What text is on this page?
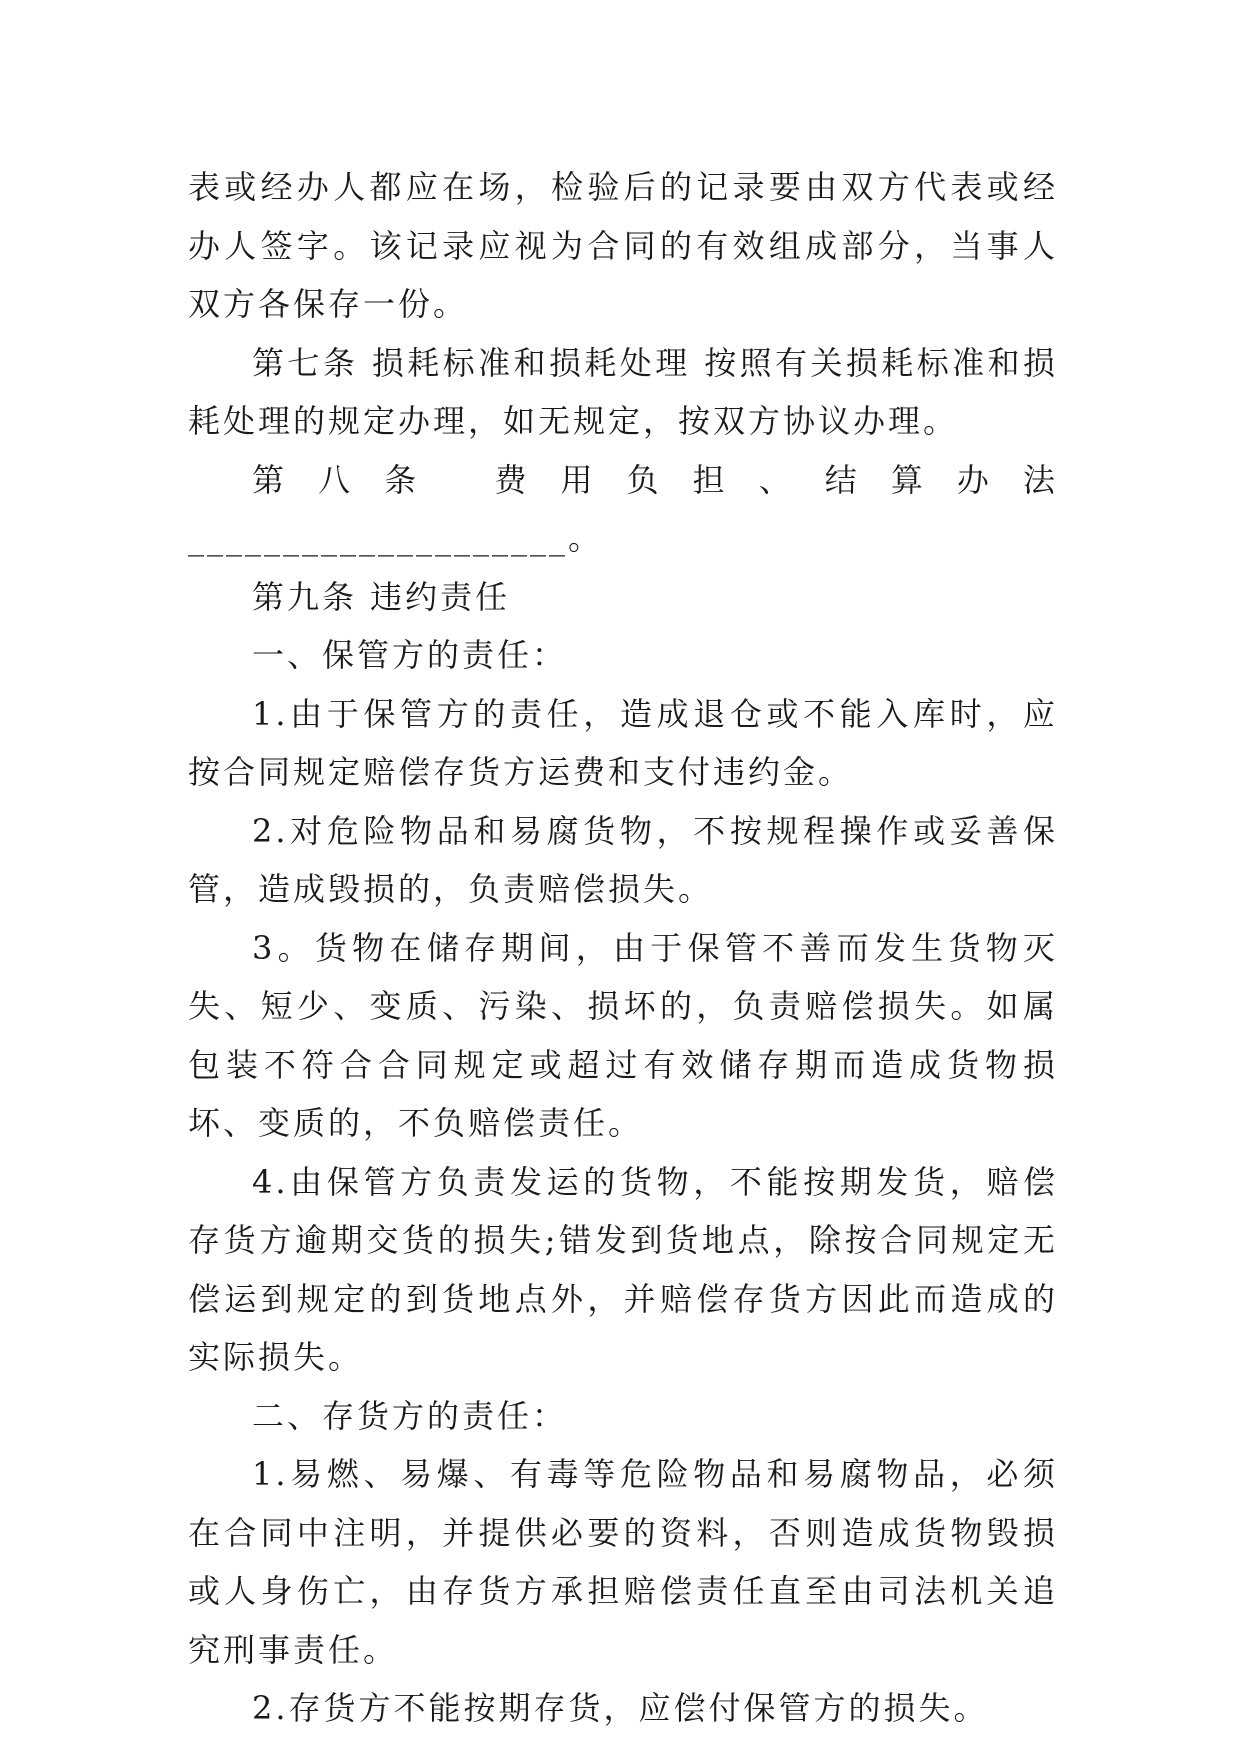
表或经办人都应在场，检验后的记录要由双方代表或经办人签字。该记录应视为合同的有效组成部分，当事人双方各保存一份。

第七条 损耗标准和损耗处理 按照有关损耗标准和损耗处理的规定办理，如无规定，按双方协议办理。

第八条 费用负担、结算办法____________________。

第九条 违约责任

一、保管方的责任：

1.由于保管方的责任，造成退仓或不能入库时，应按合同规定赔偿存货方运费和支付违约金。

2.对危险物品和易腐货物，不按规程操作或妥善保管，造成毁损的，负责赔偿损失。

3。货物在储存期间，由于保管不善而发生货物灭失、短少、变质、污染、损坏的，负责赔偿损失。如属包装不符合合同规定或超过有效储存期而造成货物损坏、变质的，不负赔偿责任。

4.由保管方负责发运的货物，不能按期发货，赔偿存货方逾期交货的损失;错发到货地点，除按合同规定无偿运到规定的到货地点外，并赔偿存货方因此而造成的实际损失。

二、存货方的责任：

1.易燃、易爆、有毒等危险物品和易腐物品，必须在合同中注明，并提供必要的资料，否则造成货物毁损或人身伤亡，由存货方承担赔偿责任直至由司法机关追究刑事责任。

2.存货方不能按期存货，应偿付保管方的损失。
